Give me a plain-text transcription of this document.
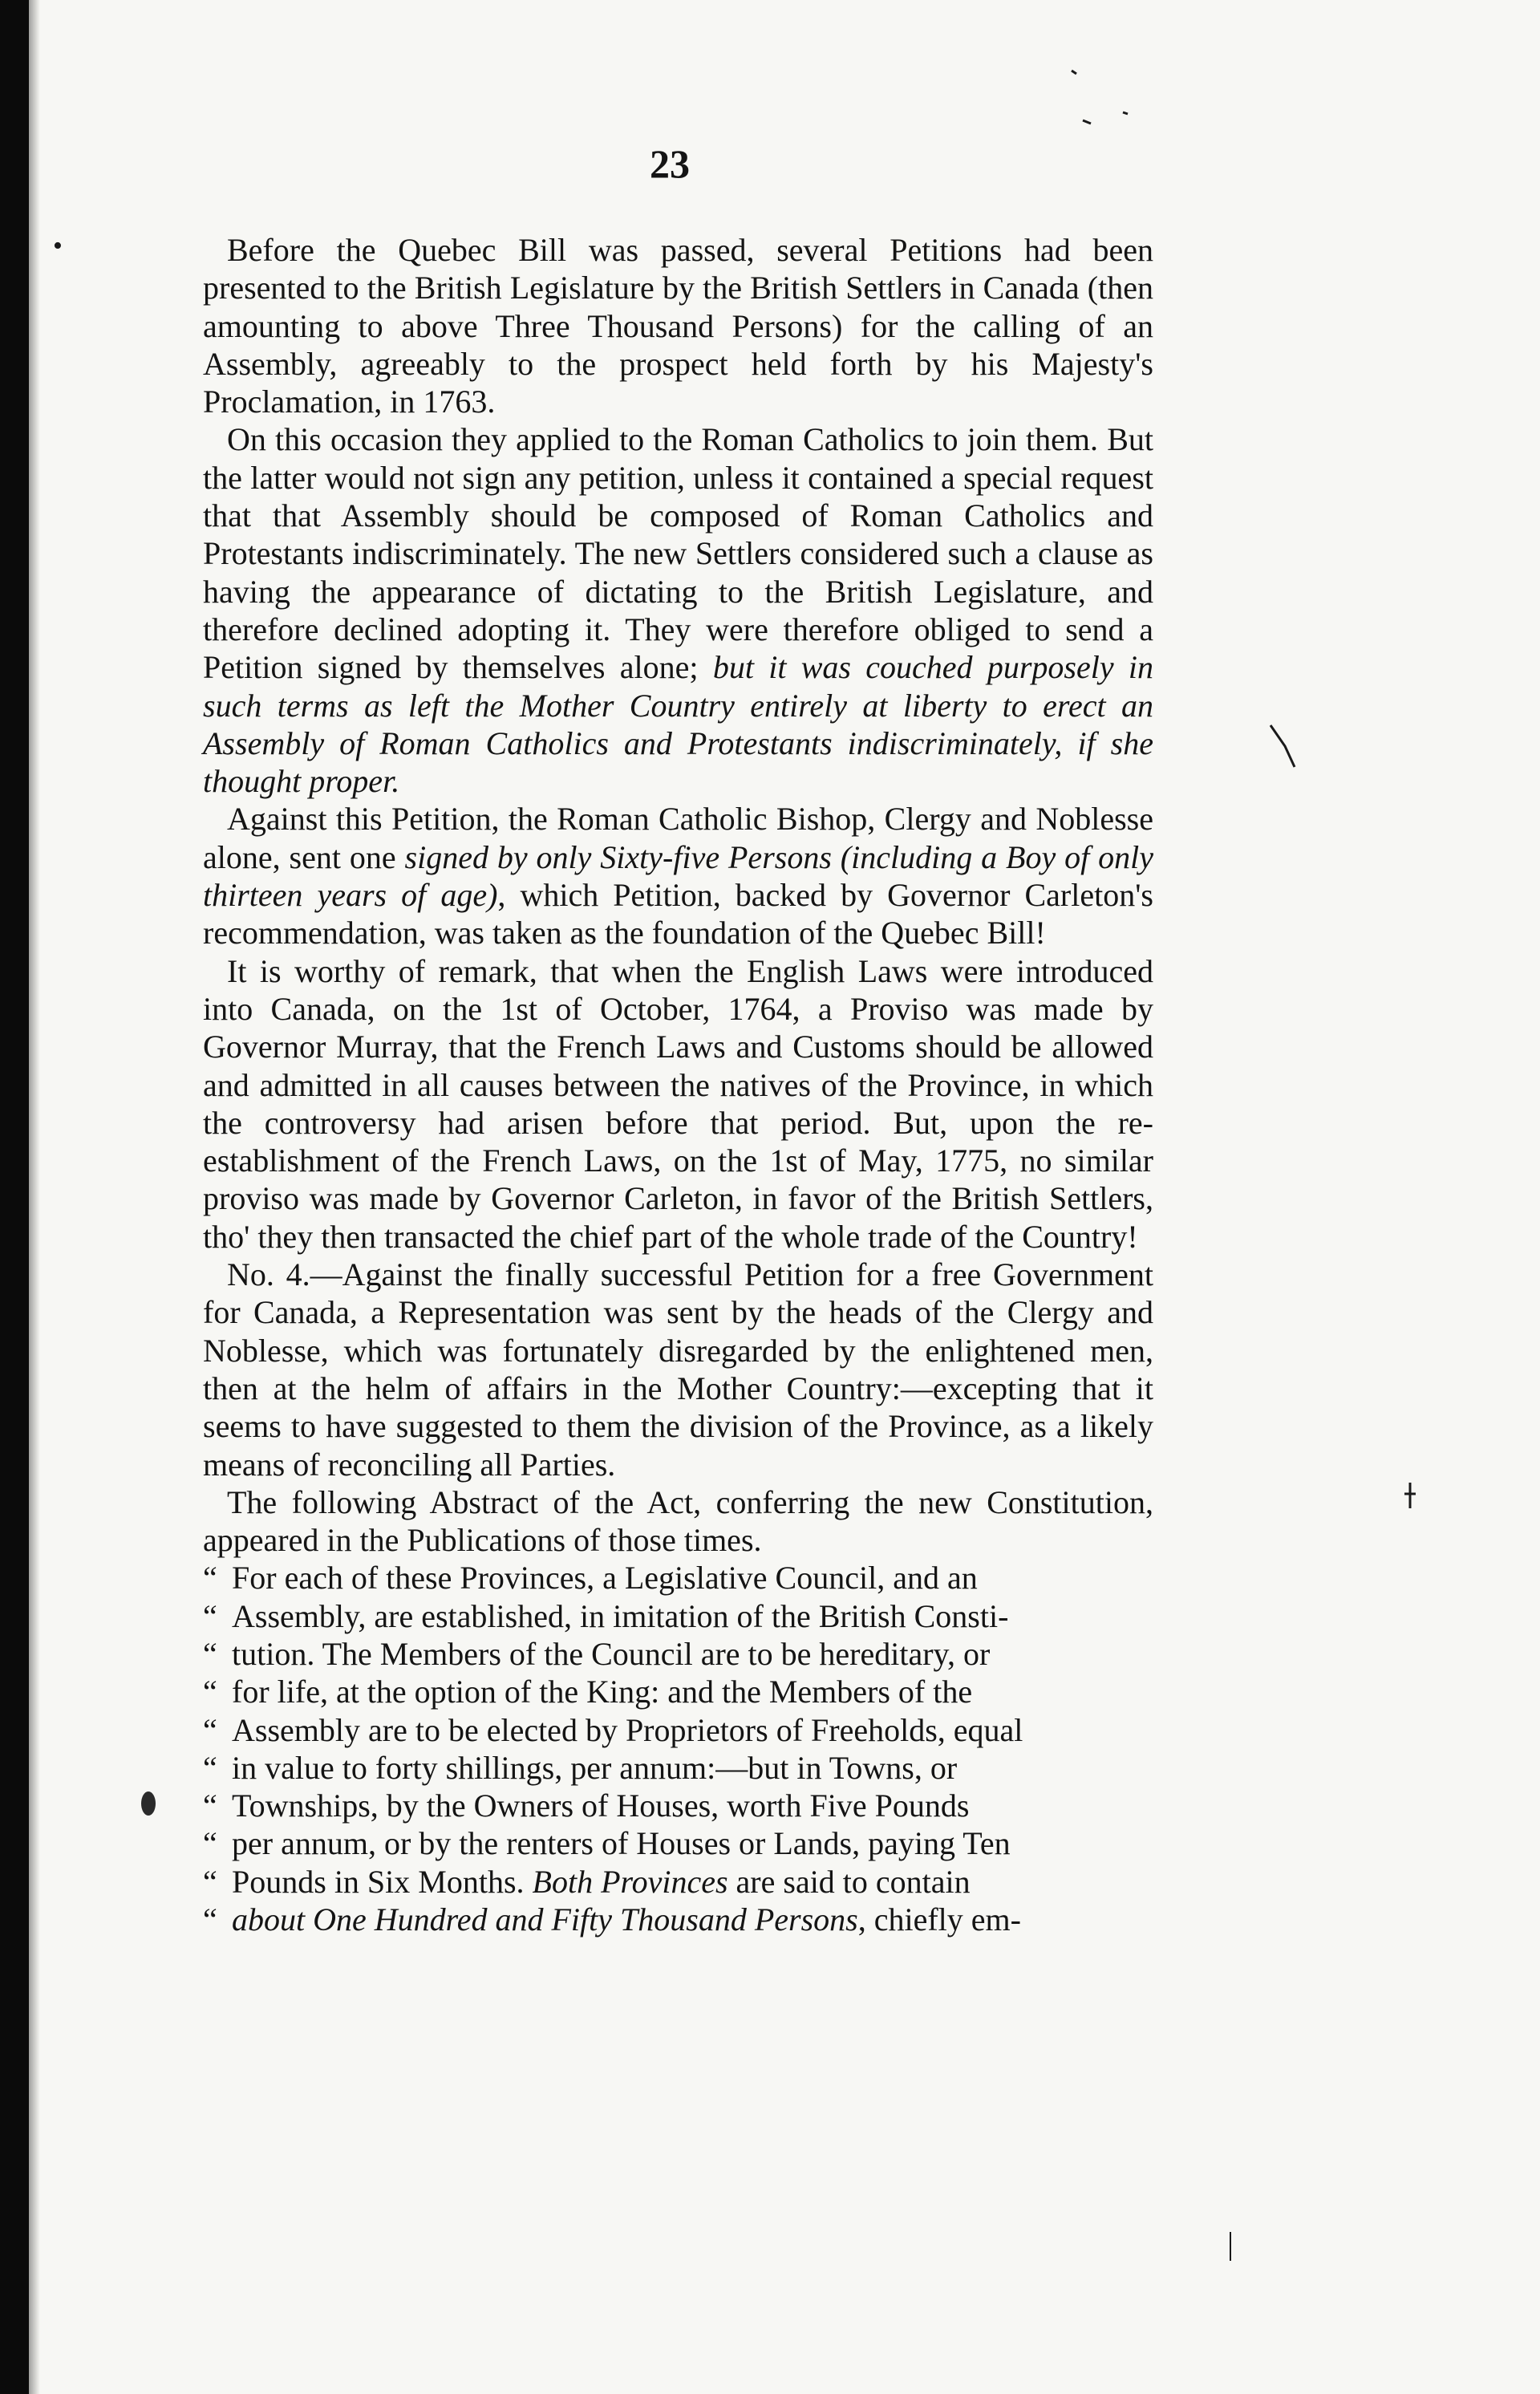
23
•	Before the Quebec Bill was passed, several Petitions had been presented to the British Legislature by the British Settlers in Canada (then amounting to above Three Thousand Persons) for the calling of an Assembly, agreeably to the prospect held forth by his Majesty's Proclamation, in 1763.

On this occasion they applied to the Roman Catholics to join them. But the latter would not sign any petition, unless it contained a special request that that Assembly should be composed of Roman Catholics and Protestants indiscriminately. The new Settlers considered such a clause as having the appearance of dictating to the British Legislature, and therefore declined adopting it. They were therefore obliged to send a Petition signed by themselves alone; but it was couched purposely in such terms as left the Mother Country entirely at liberty to erect an Assembly of Roman Catholics and Protestants indiscriminately, if she thought proper.

Against this Petition, the Roman Catholic Bishop, Clergy and Noblesse alone, sent one signed by only Sixty-five Persons (including a Boy of only thirteen years of age), which Petition, backed by Governor Carleton's recommendation, was taken as the foundation of the Quebec Bill!

It is worthy of remark, that when the English Laws were introduced into Canada, on the 1st of October, 1764, a Proviso was made by Governor Murray, that the French Laws and Customs should be allowed and admitted in all causes between the natives of the Province, in which the controversy had arisen before that period. But, upon the re-establishment of the French Laws, on the 1st of May, 1775, no similar proviso was made by Governor Carleton, in favor of the British Settlers, tho' they then transacted the chief part of the whole trade of the Country!

No. 4.—Against the finally successful Petition for a free Government for Canada, a Representation was sent by the heads of the Clergy and Noblesse, which was fortunately disregarded by the enlightened men, then at the helm of affairs in the Mother Country:—excepting that it seems to have suggested to them the division of the Province, as a likely means of reconciling all Parties.

The following Abstract of the Act, conferring the new Constitution, appeared in the Publications of those times.

“ For each of these Provinces, a Legislative Council, and an
“ Assembly, are established, in imitation of the British Consti-
“ tution. The Members of the Council are to be hereditary, or
“ for life, at the option of the King: and the Members of the
“ Assembly are to be elected by Proprietors of Freeholds, equal
“ in value to forty shillings, per annum:—but in Towns, or
“ Townships, by the Owners of Houses, worth Five Pounds
“ per annum, or by the renters of Houses or Lands, paying Ten
“ Pounds in Six Months. Both Provinces are said to contain
“ about One Hundred and Fifty Thousand Persons, chiefly em-
